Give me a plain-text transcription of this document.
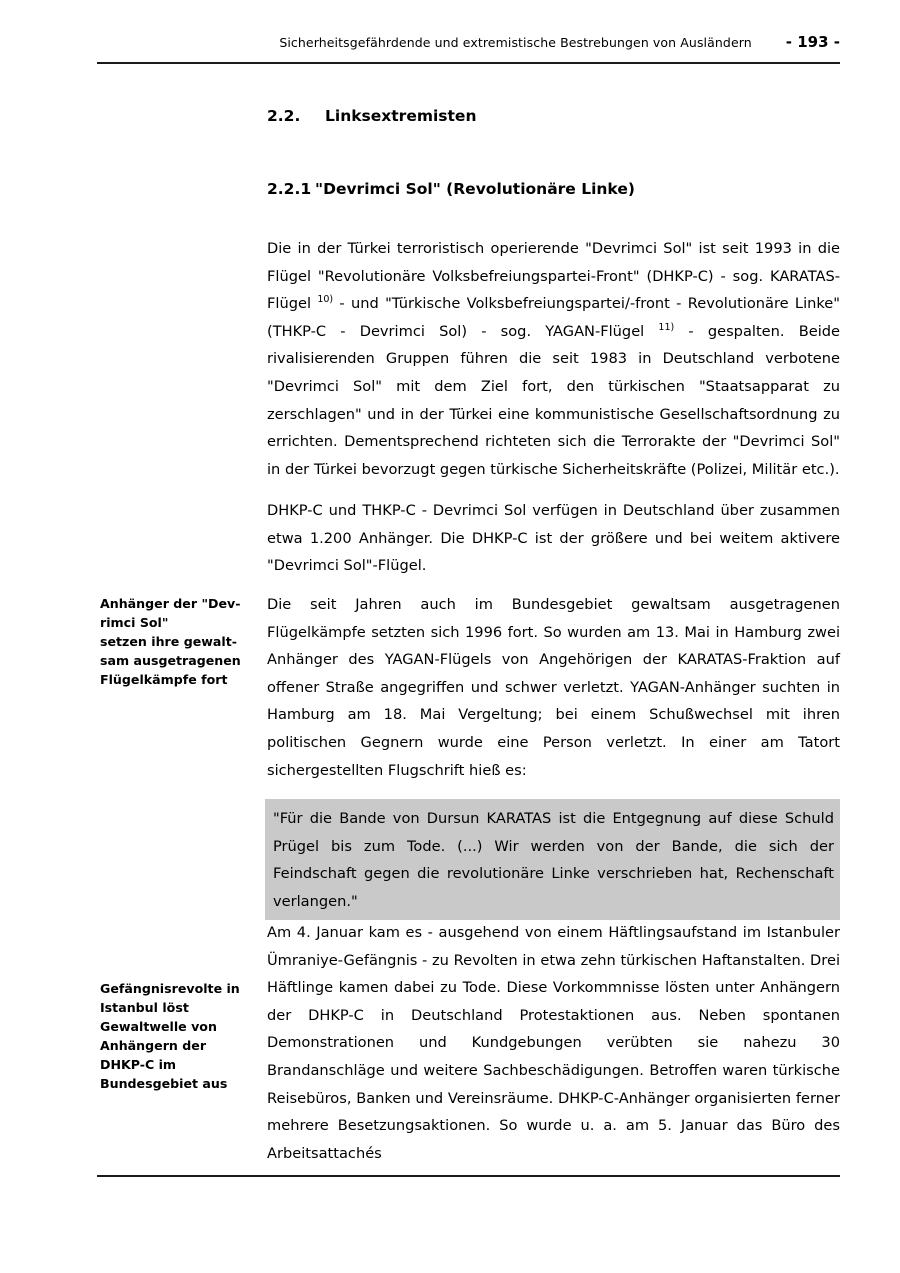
Sicherheitsgefährdende und extremistische Bestrebungen von Ausländern - 193 -
2.2. Linksextremisten
2.2.1 "Devrimci Sol" (Revolutionäre Linke)

Die in der Türkei terroristisch operierende "Devrimci Sol" ist seit 1993 in die Flügel "Revolutionäre Volksbefreiungspartei-Front" (DHKP-C) - sog. KARATAS-Flügel $^{10)}$ - und "Türkische Volksbefreiungspartei/-front - Revolutionäre Linke" (THKP-C - Devrimci Sol) - sog. YAGAN-Flügel $^{11)}$ - gespalten. Beide rivalisierenden Gruppen führen die seit 1983 in Deutschland verbotene "Devrimci Sol" mit dem Ziel fort, den türkischen "Staatsapparat zu zerschlagen" und in der Türkei eine kommunistische Gesellschaftsordnung zu errichten. Dementsprechend richteten sich die Terrorakte der "Devrimci Sol" in der Türkei bevorzugt gegen türkische Sicherheitskräfte (Polizei, Militär etc.).

DHKP-C und THKP-C - Devrimci Sol verfügen in Deutschland über zusammen etwa 1.200 Anhänger. Die DHKP-C ist der größere und bei weitem aktivere "Devrimci Sol"-Flügel.

Anhänger der "Dev-
rimci Sol"
setzen ihre gewalt-
sam ausgetragenen
Flügelkämpfe fort

Die seit Jahren auch im Bundesgebiet gewaltsam ausgetragenen Flügelkämpfe setzten sich 1996 fort. So wurden am 13. Mai in Hamburg zwei Anhänger des YAGAN-Flügels von Angehörigen der KARATAS-Fraktion auf offener Straße angegriffen und schwer verletzt. YAGAN-Anhänger suchten in Hamburg am 18. Mai Vergeltung; bei einem Schußwechsel mit ihren politischen Gegnern wurde eine Person verletzt. In einer am Tatort sichergestellten Flugschrift hieß es:

"Für die Bande von Dursun KARATAS ist die Entgegnung auf diese Schuld Prügel bis zum Tode. (...) Wir werden von der Bande, die sich der Feindschaft gegen die revolutionäre Linke verschrieben hat, Rechenschaft verlangen."

Gefängnisrevolte in
Istanbul löst
Gewaltwelle von
Anhängern der
DHKP-C im
Bundesgebiet aus

Am 4. Januar kam es - ausgehend von einem Häftlingsaufstand im Istanbuler Ümraniye-Gefängnis - zu Revolten in etwa zehn türkischen Haftanstalten. Drei Häftlinge kamen dabei zu Tode. Diese Vorkommnisse lösten unter Anhängern der DHKP-C in Deutschland Protestaktionen aus. Neben spontanen Demonstrationen und Kundgebungen verübten sie nahezu 30 Brandanschläge und weitere Sachbeschädigungen. Betroffen waren türkische Reisebüros, Banken und Vereinsräume. DHKP-C-Anhänger organisierten ferner mehrere Besetzungsaktionen. So wurde u. a. am 5. Januar das Büro des Arbeitsattachés
